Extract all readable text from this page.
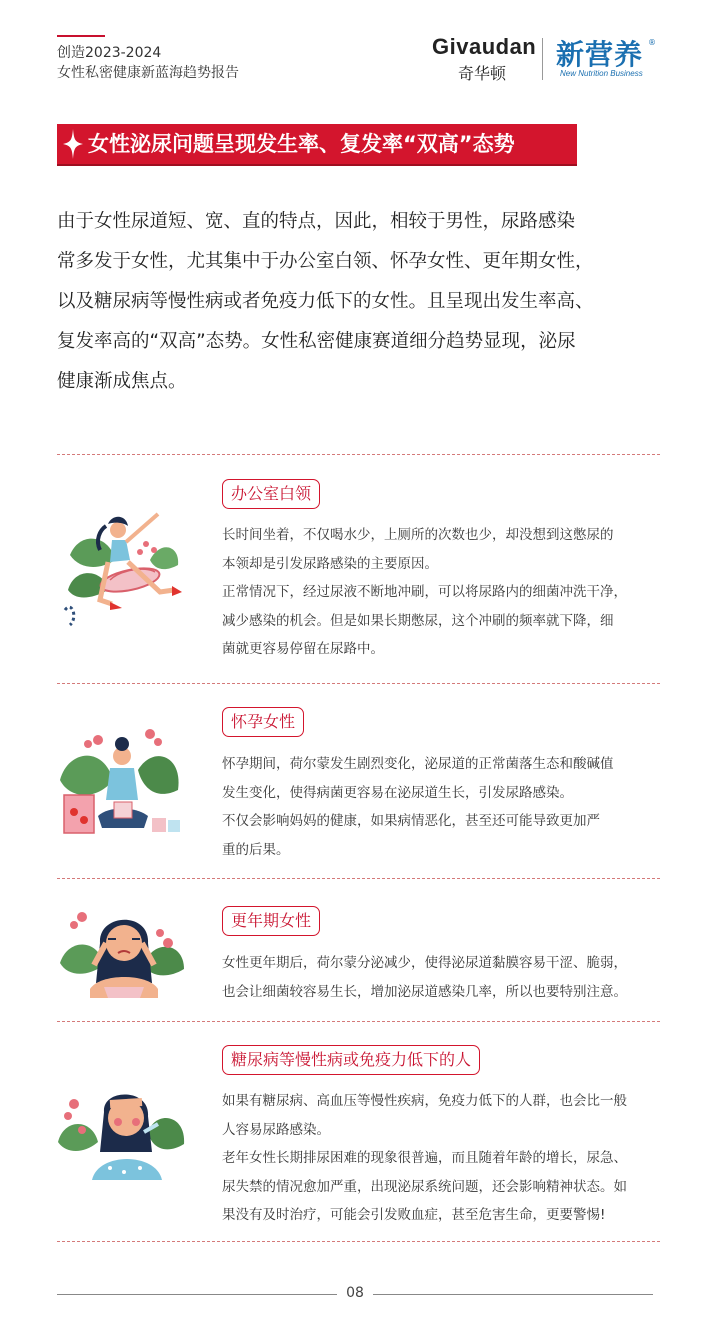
创造2023-2024
女性私密健康新蓝海趋势报告
Givaudan
奇华顿
新营养 ®
New Nutrition Business
女性泌尿问题呈现发生率、复发率“双高”态势

由于女性尿道短、宽、直的特点，因此，相较于男性，尿路感染

常多发于女性，尤其集中于办公室白领、怀孕女性、更年期女性，

以及糖尿病等慢性病或者免疫力低下的女性。且呈现出发生率高、

复发率高的“双高”态势。女性私密健康赛道细分趋势显现，泌尿

健康渐成焦点。

办公室白领

长时间坐着，不仅喝水少，上厕所的次数也少，却没想到这憋尿的

本领却是引发尿路感染的主要原因。

正常情况下，经过尿液不断地冲刷，可以将尿路内的细菌冲洗干净，

减少感染的机会。但是如果长期憋尿，这个冲刷的频率就下降，细

菌就更容易停留在尿路中。

怀孕女性

怀孕期间，荷尔蒙发生剧烈变化，泌尿道的正常菌落生态和酸碱值

发生变化，使得病菌更容易在泌尿道生长，引发尿路感染。

不仅会影响妈妈的健康，如果病情恶化，甚至还可能导致更加严

重的后果。

更年期女性

女性更年期后，荷尔蒙分泌减少，使得泌尿道黏膜容易干涩、脆弱，

也会让细菌较容易生长，增加泌尿道感染几率，所以也要特别注意。

糖尿病等慢性病或免疫力低下的人

如果有糖尿病、高血压等慢性疾病，免疫力低下的人群，也会比一般

人容易尿路感染。

老年女性长期排尿困难的现象很普遍，而且随着年龄的增长，尿急、

尿失禁的情况愈加严重，出现泌尿系统问题，还会影响精神状态。如

果没有及时治疗，可能会引发败血症，甚至危害生命，更要警惕!

08
